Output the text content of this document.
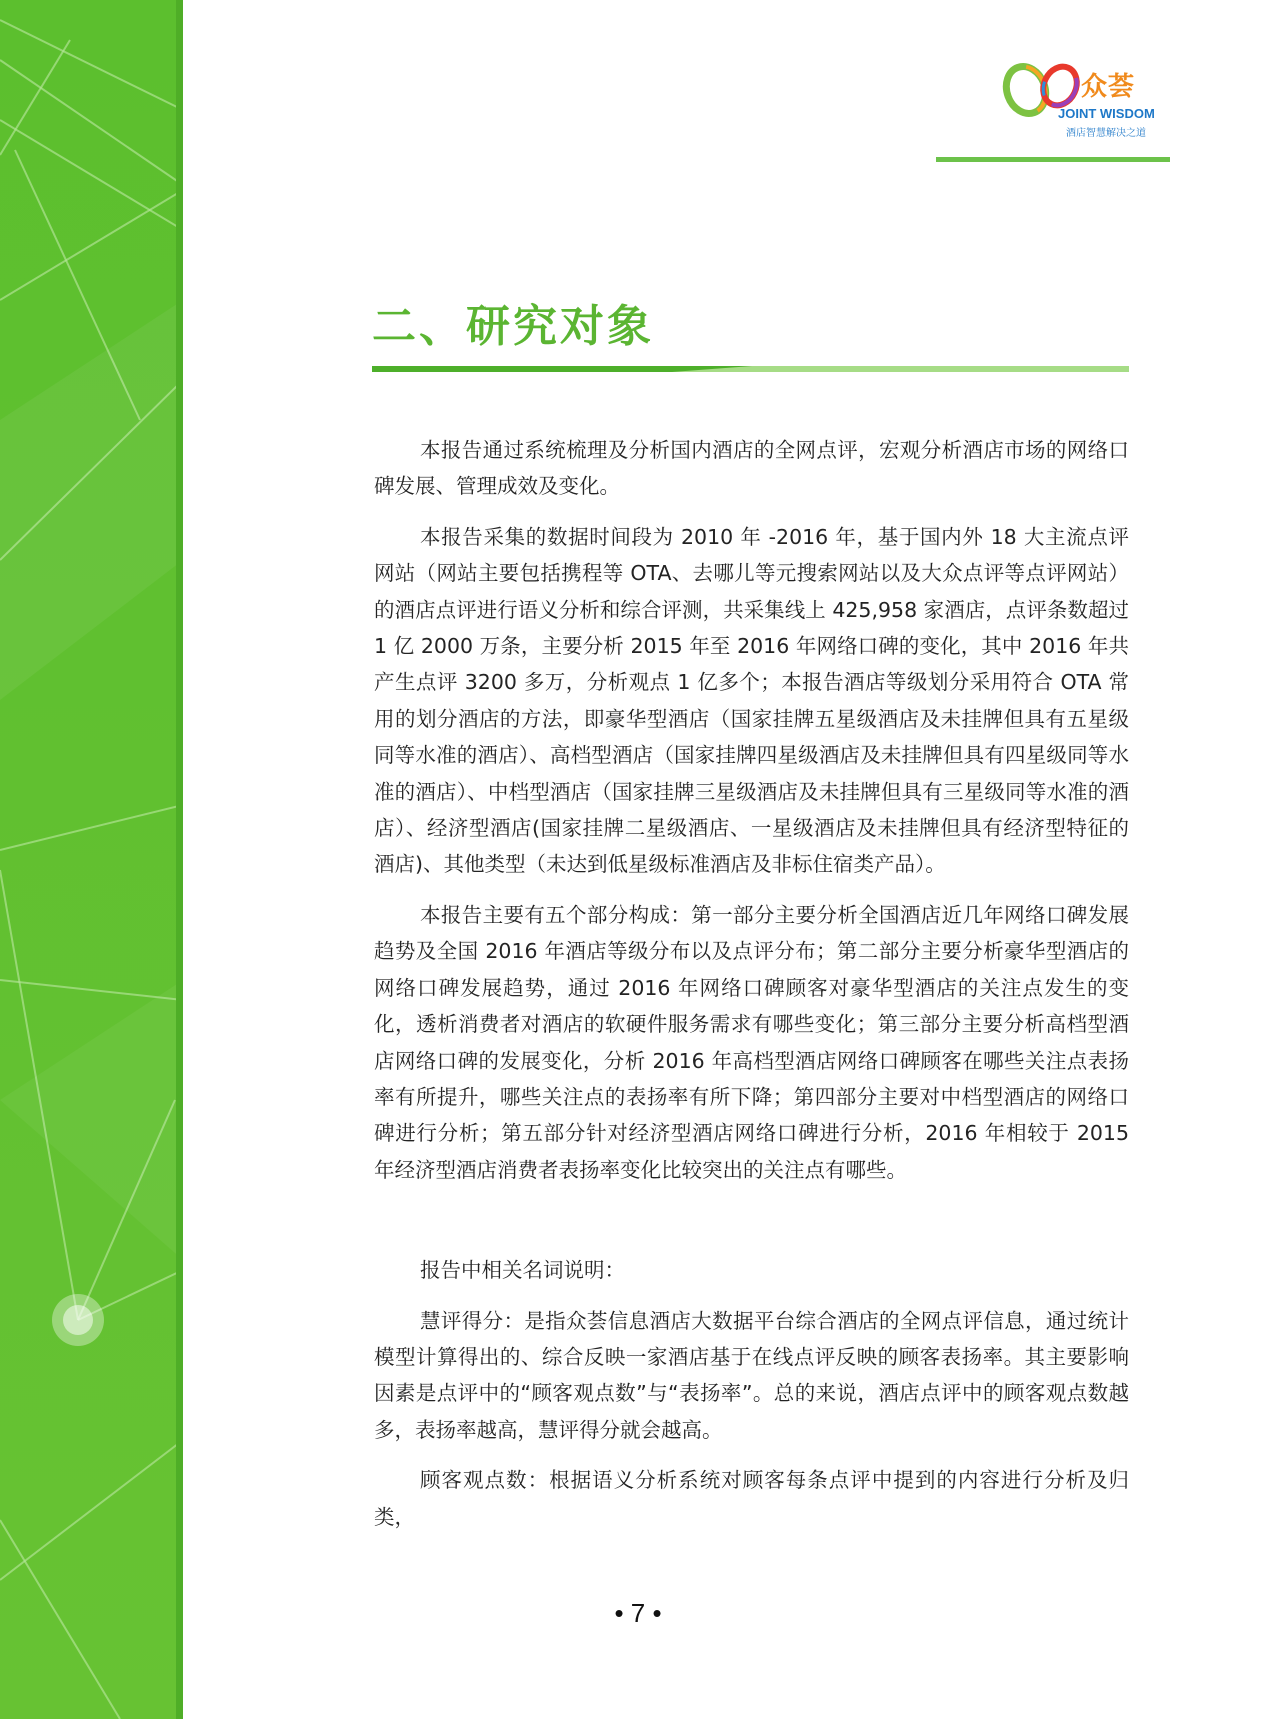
众荟
JOINT WISDOM
酒店智慧解决之道
二、研究对象

本报告通过系统梳理及分析国内酒店的全网点评，宏观分析酒店市场的网络口碑发展、管理成效及变化。

本报告采集的数据时间段为 2010 年 -2016 年，基于国内外 18 大主流点评网站（网站主要包括携程等 OTA、去哪儿等元搜索网站以及大众点评等点评网站）的酒店点评进行语义分析和综合评测，共采集线上 425,958 家酒店，点评条数超过 1 亿 2000 万条，主要分析 2015 年至 2016 年网络口碑的变化，其中 2016 年共产生点评 3200 多万，分析观点 1 亿多个；本报告酒店等级划分采用符合 OTA 常用的划分酒店的方法，即豪华型酒店（国家挂牌五星级酒店及未挂牌但具有五星级同等水准的酒店）、高档型酒店（国家挂牌四星级酒店及未挂牌但具有四星级同等水准的酒店）、中档型酒店（国家挂牌三星级酒店及未挂牌但具有三星级同等水准的酒店）、经济型酒店(国家挂牌二星级酒店、一星级酒店及未挂牌但具有经济型特征的酒店)、其他类型（未达到低星级标准酒店及非标住宿类产品）。

本报告主要有五个部分构成：第一部分主要分析全国酒店近几年网络口碑发展趋势及全国 2016 年酒店等级分布以及点评分布；第二部分主要分析豪华型酒店的网络口碑发展趋势，通过 2016 年网络口碑顾客对豪华型酒店的关注点发生的变化，透析消费者对酒店的软硬件服务需求有哪些变化；第三部分主要分析高档型酒店网络口碑的发展变化，分析 2016 年高档型酒店网络口碑顾客在哪些关注点表扬率有所提升，哪些关注点的表扬率有所下降；第四部分主要对中档型酒店的网络口碑进行分析；第五部分针对经济型酒店网络口碑进行分析，2016 年相较于 2015 年经济型酒店消费者表扬率变化比较突出的关注点有哪些。

报告中相关名词说明：

慧评得分：是指众荟信息酒店大数据平台综合酒店的全网点评信息，通过统计模型计算得出的、综合反映一家酒店基于在线点评反映的顾客表扬率。其主要影响因素是点评中的“顾客观点数”与“表扬率”。总的来说，酒店点评中的顾客观点数越多，表扬率越高，慧评得分就会越高。

顾客观点数：根据语义分析系统对顾客每条点评中提到的内容进行分析及归类，

• 7 •
